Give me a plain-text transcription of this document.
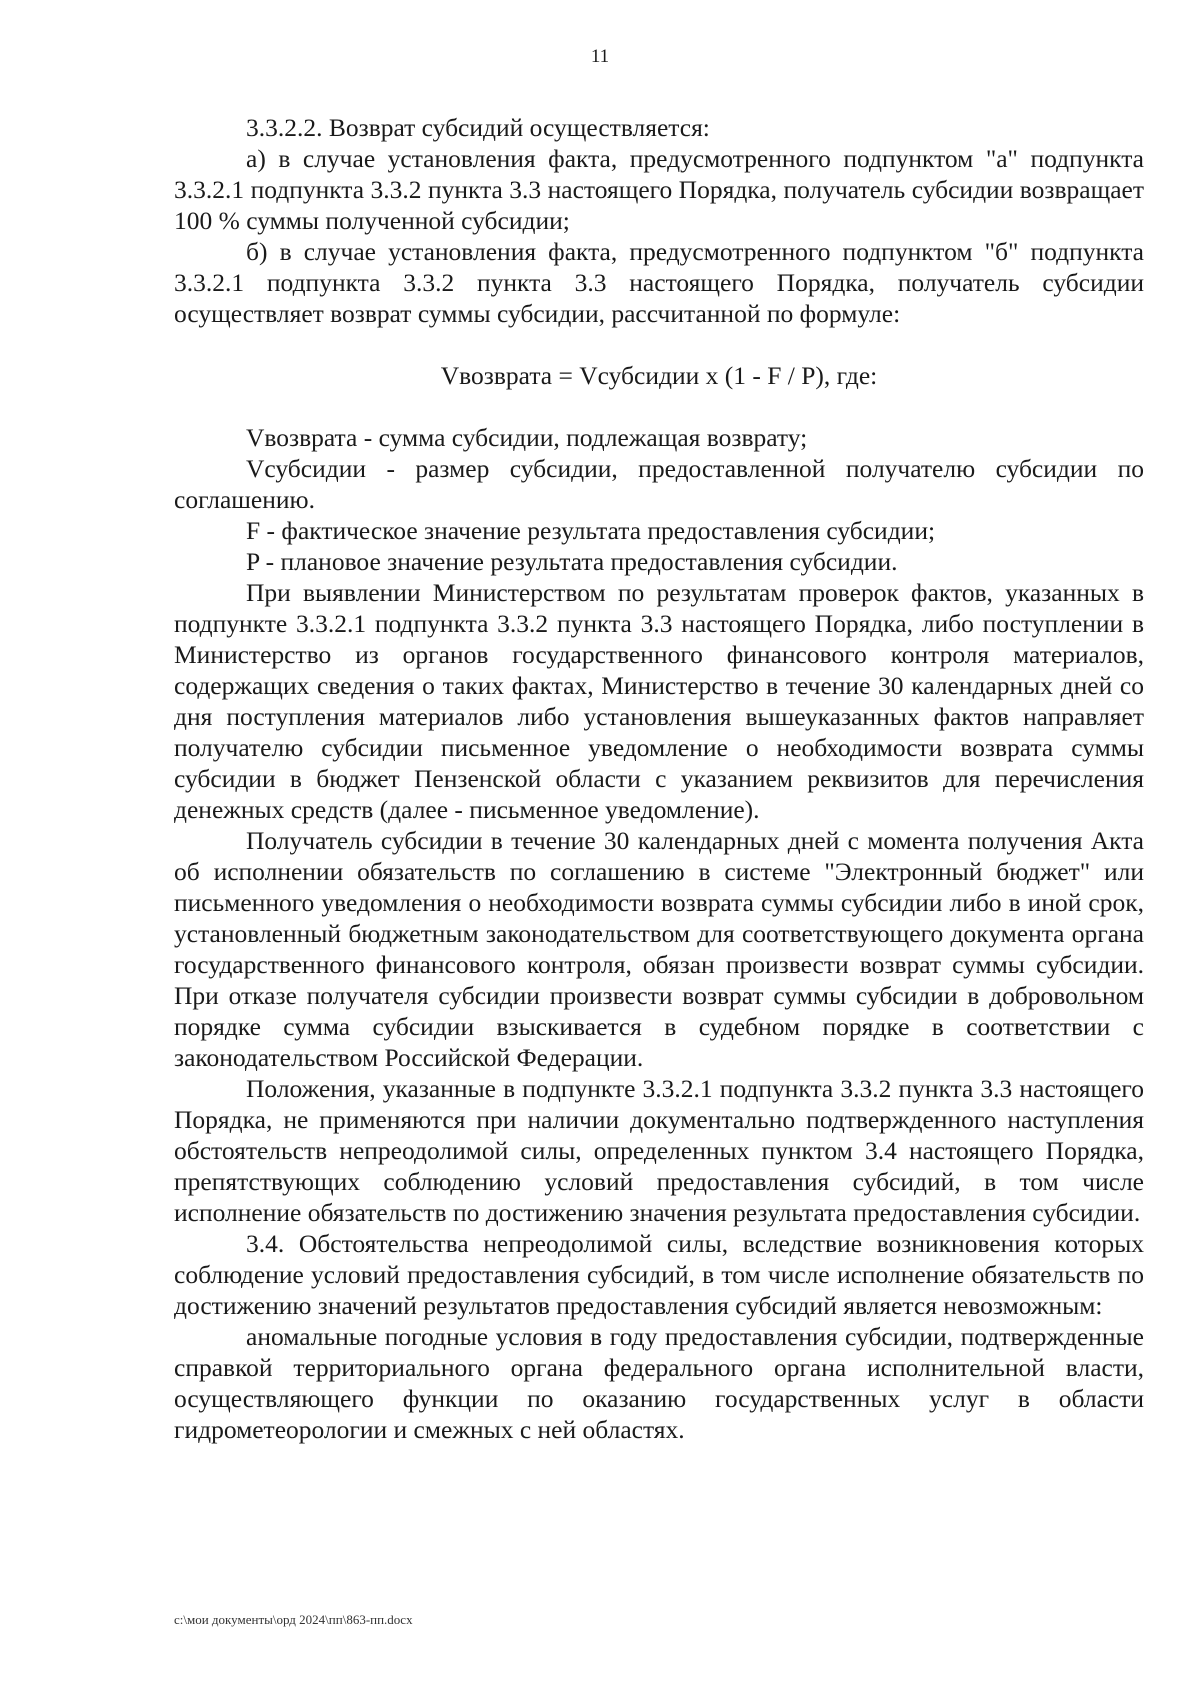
11

3.3.2.2. Возврат субсидий осуществляется:

а) в случае установления факта, предусмотренного подпунктом "а" подпункта 3.3.2.1 подпункта 3.3.2 пункта 3.3 настоящего Порядка, получатель субсидии возвращает 100 % суммы полученной субсидии;

б) в случае установления факта, предусмотренного подпунктом "б" подпункта 3.3.2.1 подпункта 3.3.2 пункта 3.3 настоящего Порядка, получатель субсидии осуществляет возврат суммы субсидии, рассчитанной по формуле:

Vвозврата = Vсубсидии x (1 - F / P), где:

Vвозврата - сумма субсидии, подлежащая возврату;

Vсубсидии - размер субсидии, предоставленной получателю субсидии по соглашению.

F - фактическое значение результата предоставления субсидии;

P - плановое значение результата предоставления субсидии.

При выявлении Министерством по результатам проверок фактов, указанных в подпункте 3.3.2.1 подпункта 3.3.2 пункта 3.3 настоящего Порядка, либо поступлении в Министерство из органов государственного финансового контроля материалов, содержащих сведения о таких фактах, Министерство в течение 30 календарных дней со дня поступления материалов либо установления вышеуказанных фактов направляет получателю субсидии письменное уведомление о необходимости возврата суммы субсидии в бюджет Пензенской области с указанием реквизитов для перечисления денежных средств (далее - письменное уведомление).

Получатель субсидии в течение 30 календарных дней с момента получения Акта об исполнении обязательств по соглашению в системе "Электронный бюджет" или письменного уведомления о необходимости возврата суммы субсидии либо в иной срок, установленный бюджетным законодательством для соответствующего документа органа государственного финансового контроля, обязан произвести возврат суммы субсидии. При отказе получателя субсидии произвести возврат суммы субсидии в добровольном порядке сумма субсидии взыскивается в судебном порядке в соответствии с законодательством Российской Федерации.

Положения, указанные в подпункте 3.3.2.1 подпункта 3.3.2 пункта 3.3 настоящего Порядка, не применяются при наличии документально подтвержденного наступления обстоятельств непреодолимой силы, определенных пунктом 3.4 настоящего Порядка, препятствующих соблюдению условий предоставления субсидий, в том числе исполнение обязательств по достижению значения результата предоставления субсидии.

3.4. Обстоятельства непреодолимой силы, вследствие возникновения которых соблюдение условий предоставления субсидий, в том числе исполнение обязательств по достижению значений результатов предоставления субсидий является невозможным:

аномальные погодные условия в году предоставления субсидии, подтвержденные справкой территориального органа федерального органа исполнительной власти, осуществляющего функции по оказанию государственных услуг в области гидрометеорологии и смежных с ней областях.

c:\мои документы\орд 2024\пп\863-пп.docx
